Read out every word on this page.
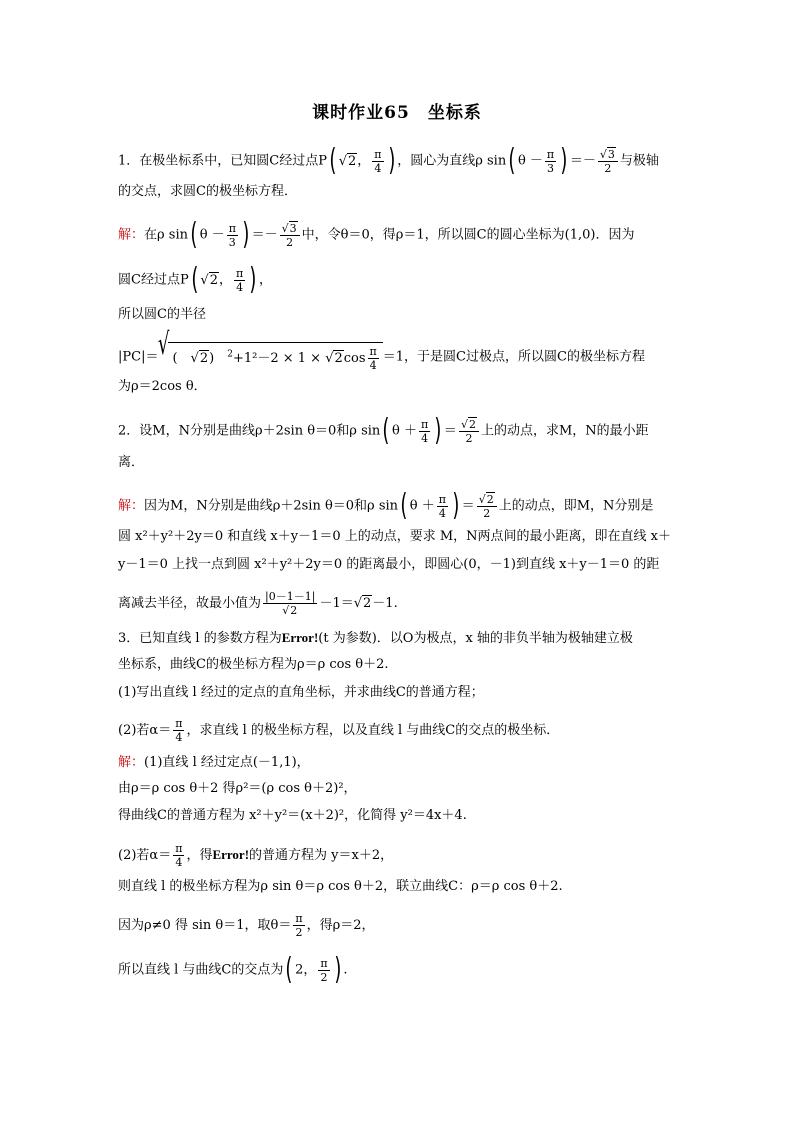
课时作业65　坐标系
1．在极坐标系中，已知圆C经过点P( √2， $\frac{\pi}{4}$ ) ，圆心为直线ρ sin( $\theta - \frac{\pi}{3}$ ) ＝－ $\frac{√3}{2}$ 与极轴
的交点，求圆C的极坐标方程．
解：在ρ sin( $\theta - \frac{\pi}{3}$ ) ＝－ $\frac{√3}{2}$ 中，令θ＝0，得ρ＝1，所以圆C的圆心坐标为(1,0)．因为
圆C经过点P( √2， $\frac{\pi}{4}$ ) ，
所以圆C的半径
|PC|＝√ (　√2)　$^2+1^2-2 \times 1 \times √2\cos \frac{\pi}{4} =1$，于是圆C过极点，所以圆C的极坐标方程
为ρ＝2cos θ．
2．设M，N分别是曲线ρ＋2sin θ＝0和ρ sin( $\theta + \frac{\pi}{4}$ ) ＝ $\frac{√2}{2}$ 上的动点，求M，N的最小距
离．
解：因为M，N分别是曲线ρ＋2sin θ＝0和ρ sin( $\theta + \frac{\pi}{4}$ ) ＝ $\frac{√2}{2}$ 上的动点，即M，N分别是
圆 x²＋y²＋2y＝0 和直线 x＋y－1＝0 上的动点，要求 M，N两点间的最小距离，即在直线 x＋
y－1＝0 上找一点到圆 x²＋y²＋2y＝0 的距离最小，即圆心(0，－1)到直线 x＋y－1＝0 的距
离减去半径，故最小值为 $\frac{|0-1-1|}{√2} -1=√2-1$.
3．已知直线 l 的参数方程为Error!(t 为参数)．以O为极点，x 轴的非负半轴为极轴建立极
坐标系，曲线C的极坐标方程为ρ＝ρ cos θ＋2.
(1)写出直线 l 经过的定点的直角坐标，并求曲线C的普通方程；
(2)若$\alpha= \frac{\pi}{4}$ ，求直线 l 的极坐标方程，以及直线 l 与曲线C的交点的极坐标．
解：(1)直线 l 经过定点(－1,1)，
由ρ＝ρ cos θ＋2 得ρ²＝(ρ cos θ＋2)²，
得曲线C的普通方程为 x²＋y²＝(x＋2)²，化简得 y²＝4x＋4.
(2)若$\alpha= \frac{\pi}{4}$ ，得Error!的普通方程为 y＝x＋2，
则直线 l 的极坐标方程为ρ sin θ＝ρ cos θ＋2，联立曲线C：ρ＝ρ cos θ＋2.
因为ρ≠0 得 sin θ＝1，取$\theta= \frac{\pi}{2}$ ，得ρ＝2，
所以直线 l 与曲线C的交点为( 2， $\frac{\pi}{2}$ ) .
